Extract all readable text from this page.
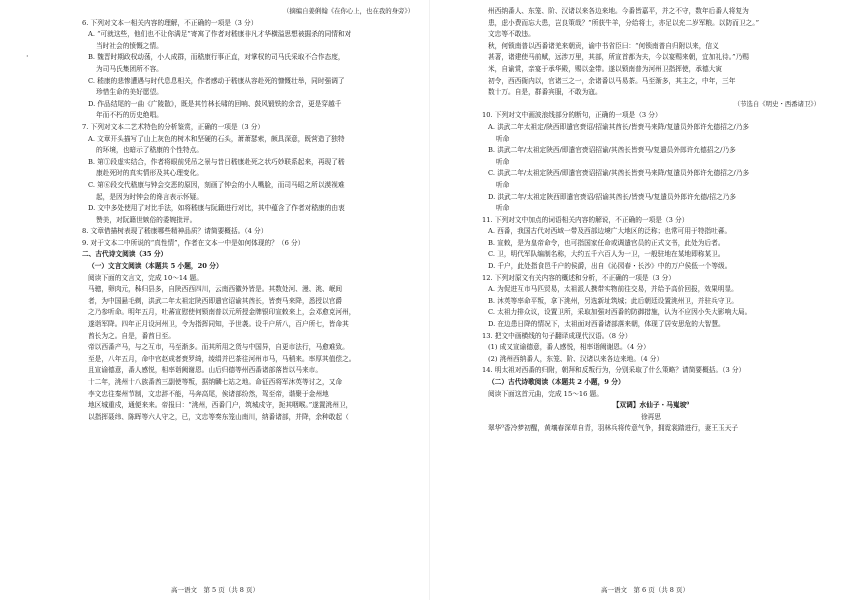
·

（摘编自姜俐翰《在你心上，也在我的身旁》）

6. 下列对文本一相关内容的理解，不正确的一项是（3 分）

A. “可就这些，他们也不让你满足”寄寓了作者对嵇康非凡才华横溢思想被掘杀的同情和对

当时社会的愤慨之情。

B. 魏晋时期政权动荡，小人成群，而嵇康行事正直，对掌权的司马氏采取不合作态度，

为司马氏集团所不容。

C. 嵇康的悲惨遭遇与时代息息相关，作者感动于嵇康从容赴死的慷慨壮举，同时强调了

珍惜生命的美好愿望。

D. 作品结尾的一曲《广陵散》，既是其竹林长啸的回响、鼓风锻铁的余音，更是穿越千

年而不朽的历史绝唱。

7. 下列对文本二艺术特色的分析鉴赏，正确的一项是（3 分）

A. 文章开头描写了山上灰色的树木和坚硬的石头，萧萧瑟索，颇具深意，既营造了独特

的环境，也暗示了嵇康的个性特点。

B. 第①段虚实结合，作者将眼前凭吊之景与昔日嵇康赴死之状巧妙联系起来，再现了嵇

康赴死时的真实情形及其心理变化。

C. 第⑥段交代嵇康与钟会交恶的原因，刻画了钟会的小人嘴脸，而司马昭之所以漠视难

起，是因为时钟会的谗言表示怀疑。

D. 文中多处使用了对比手法，如将嵇康与阮籍进行对比，其中蕴含了作者对嵇康的由衷

赞美，对阮籍世嫉俗的委婉批评。

8. 文章借描树表现了嵇康哪些精神品质？请简要概括。（4 分）

9. 对于文本二中所说的“真性情”，作者在文本一中是如何体现的？（6 分）

二、古代诗文阅读（35 分）

（一）文言文阅读（本题共 5 小题，20 分）

阅读下面的文言文，完成 10～14 题。

马骢，卵肉元，秭归县多，自陕西西四川，云南西徽外皆是。其数处河、漫、洮、岷间

者，为中国悬毛剃，洪武二年太祖定陕西即遣官诏谕其酋长，皆赍马来降，悉授以官爵

之乃参听命。明年五月，吐蕃宣慰使何锁南普以元所授金牌银印宣敕来上，会邓愈克河州，

遂诣军降。四年正月设河州卫，令为指挥同知，予世袭。设千户所八，百户所七，皆命其

酋长为之。自是，番酋日至。

帝以西番产马，与之互市，马至渐多。而其所用之货与中国异，自更市法行，马愈难致。

至是，八年五月，命中官赵成者赍罗绮，绫绢并巴茶往河州市马，马稍来。率厚其值偿之。

且宣谕德意，番人感悦，相率诣阙谢恩。山后归德等州西番诸部落皆以马来市。

十二年，洮州十八族番酋三副使等叛，据纳麟七站之地。命征西将军沐英等讨之，又命

李文忠往秦州节制，文忠辞不能，马奔高尾，俟诸部纷然，驾至帝，谐聚于金州地

地区城重戍，通便来来。帝报曰：“洮州，西番门户，筑城戍守，扼其咽喉。”遂置洮州卫，

以指挥聂纬、陈晖等六人守之，已，文忠等奏东笼山南川，纳番诸部，并降，余种敢起（

高一语文　第 5 页（共 8 页）

州西纳番人、东笼、阶、汉诸以来各边来地。今番皆嘉平，并之不守，数年后番人将复为

患，虑小费而忘大患，岂良策哉？”所获牛羊，分给将士，亦足以充二岁军粮。以防而卫之。”

文忠等不敢违。

秋，何锁南普以西番诸羌来朝贡，谕中书省臣曰：“何锁南普自归附以来，信义

甚著，诸建使马前赋，远涉万里，其部，所宣首都为夫，今以宴赐来朝，宜加礼待。”乃赐

米，自谕赏，亲宴于承华殿，赐以金带。遂以锁南普为河州卫指挥使，承德大寅

初令，西西衙内以，官诸三之一，余诸番以马易茶。马至渐多，其主之，中年，三年

数十万。自是，群番宾服，不敢为寇。

（节选自《明史・西番诸卫》）

10. 下列对文中画波浪线部分的断句，正确的一项是（3 分）

A. 洪武二年太祖定/陕西即遣官赍诏/招谕其酋长/皆赍马来降/复遣员外郎许允德招之/乃多

听命

B. 洪武二年/太祖定陕西/即遣官赍诏招谕/其酋长皆赍马/复遣员外郎许允德招之/乃多

听命

C. 洪武二年/太祖定陕西/即遣官赍诏招谕/其酋长皆赍马来降/复遣员外郎许允德招之/乃多

听命

D. 洪武二年/太祖定陕西即遣官赍诏/招谕其酋长/皆赍马/复遣员外郎许允德/招之乃多

听命

11. 下列对文中加点的词语相关内容的解说，不正确的一项是（3 分）

A. 西番，我国古代对西域一带及西部边境广大地区的泛称；也常可用于特指吐蕃。

B. 宣敕，是为皇帝命令，也可指国家任命或调遣官员的正式文书，此处为后者。

C. 卫，明代军队编制名称，大约五千六百人为一卫，一般驻地在某地即称某卫。

D. 千户，此处指食邑千户的侯爵，出自《沁园春・长沙》中的万户侯低一个等级。

12. 下列对原文有关内容的概述和分析，不正确的一项是（3 分）

A. 为促进互市马匹贸易，太祖派人携带实物前往交易，并给予高价回报，效果明显。

B. 沐英等率命平叛，拿下洮州，另选新址筑城；此后朝廷设置洮州卫，并驻兵守卫。

C. 太祖力排众议，设置卫所，采取加强对西番的防御措施，认为不应因小失大影响大局。

D. 在边患日降的情况下，太祖面对西番诸部落来朝，体现了居安思危的大智慧。

13. 把文中画横线的句子翻译成现代汉语。（8 分）

(1) 成又宣谕德意，番人感悦，相率诣阙谢恩。（4 分）

(2) 洮州西纳番人，东笼、阶、汉诸以来各边来地。（4 分）

14. 明太祖对西番的归附，朝拜和反叛行为，分别采取了什么策略？请简要概括。（3 分）

（二）古代诗歌阅读（本题共 2 小题，9 分）

阅读下面这首元曲，完成 15～16 题。

【双调】水仙子・马嵬坡⁰

徐再思

翠华⁰香冷梦初醒，黄壤春深草自青，羽林兵将传意气争，拥霓裳踏进行，妻王玉天子

高一语文　第 6 页（共 8 页）
